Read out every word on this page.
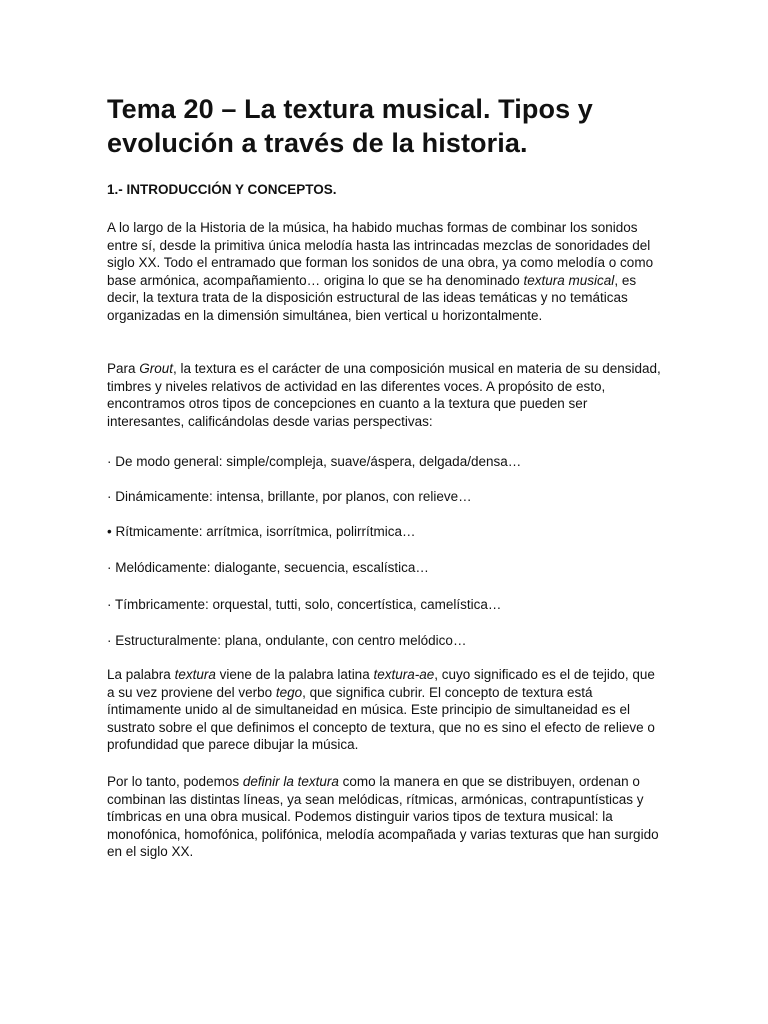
Tema 20 – La textura musical. Tipos y evolución a través de la historia.
1.- INTRODUCCIÓN Y CONCEPTOS.

A lo largo de la Historia de la música, ha habido muchas formas de combinar los sonidos entre sí, desde la primitiva única melodía hasta las intrincadas mezclas de sonoridades del siglo XX. Todo el entramado que forman los sonidos de una obra, ya como melodía o como base armónica, acompañamiento… origina lo que se ha denominado textura musical, es decir, la textura trata de la disposición estructural de las ideas temáticas y no temáticas organizadas en la dimensión simultánea, bien vertical u horizontalmente.

Para Grout, la textura es el carácter de una composición musical en materia de su densidad, timbres y niveles relativos de actividad en las diferentes voces. A propósito de esto, encontramos otros tipos de concepciones en cuanto a la textura que pueden ser interesantes, calificándolas desde varias perspectivas:

· De modo general: simple/compleja, suave/áspera, delgada/densa…

· Dinámicamente: intensa, brillante, por planos, con relieve…

• Rítmicamente: arrítmica, isorrítmica, polirrítmica…

· Melódicamente: dialogante, secuencia, escalística…

· Tímbricamente: orquestal, tutti, solo, concertística, camelística…

· Estructuralmente: plana, ondulante, con centro melódico…

La palabra textura viene de la palabra latina textura-ae, cuyo significado es el de tejido, que a su vez proviene del verbo tego, que significa cubrir. El concepto de textura está íntimamente unido al de simultaneidad en música. Este principio de simultaneidad es el sustrato sobre el que definimos el concepto de textura, que no es sino el efecto de relieve o profundidad que parece dibujar la música.

Por lo tanto, podemos definir la textura como la manera en que se distribuyen, ordenan o combinan las distintas líneas, ya sean melódicas, rítmicas, armónicas, contrapuntísticas y tímbricas en una obra musical. Podemos distinguir varios tipos de textura musical: la monofónica, homofónica, polifónica, melodía acompañada y varias texturas que han surgido en el siglo XX.
